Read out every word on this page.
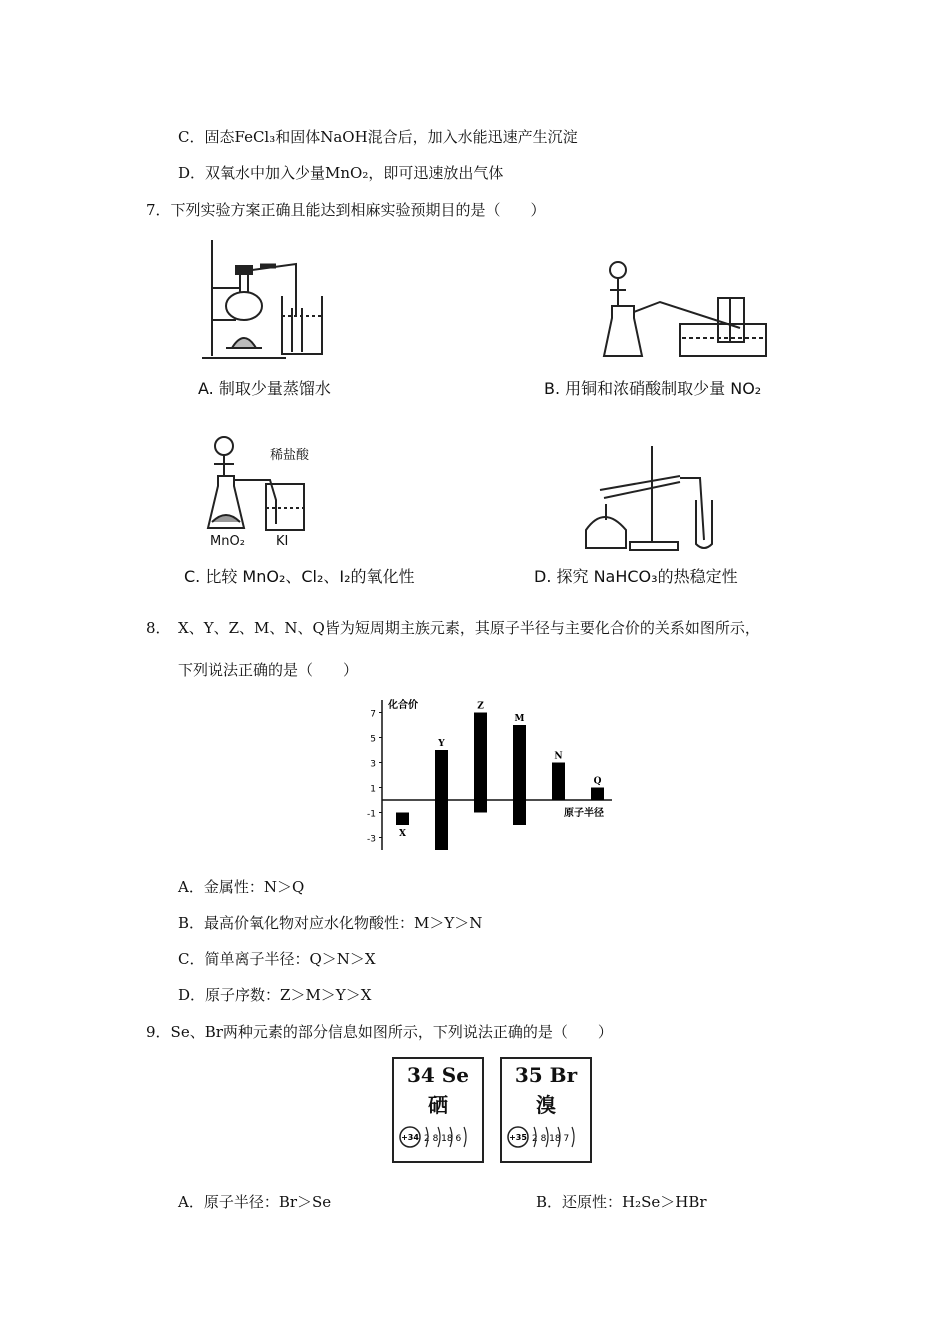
C．固态FeCl₃和固体NaOH混合后，加入水能迅速产生沉淀
D．双氧水中加入少量MnO₂，即可迅速放出气体
7．下列实验方案正确且能达到相麻实验预期目的是（　　）
A. 制取少量蒸馏水	B. 用铜和浓硝酸制取少量 NO₂
稀盐酸
MnO₂ KI
C. 比较 MnO₂、Cl₂、I₂的氧化性	D. 探究 NaHCO₃的热稳定性
8．　X、Y、Z、M、N、Q皆为短周期主族元素，其原子半径与主要化合价的关系如图所示，
下列说法正确的是（　　）
化合价
原子半径
7
5
3
1
-1
-3
X
Y
Z
M
N
Q
A．金属性：N＞Q
B．最高价氧化物对应水化物酸性：M＞Y＞N
C．简单离子半径：Q＞N＞X
D．原子序数：Z＞M＞Y＞X
9．Se、Br两种元素的部分信息如图所示，下列说法正确的是（　　）
34 Se
硒
+34 2 8 18 6
35 Br
溴
+35 2 8 18 7
A．原子半径：Br＞Se	B．还原性：H₂Se＞HBr
